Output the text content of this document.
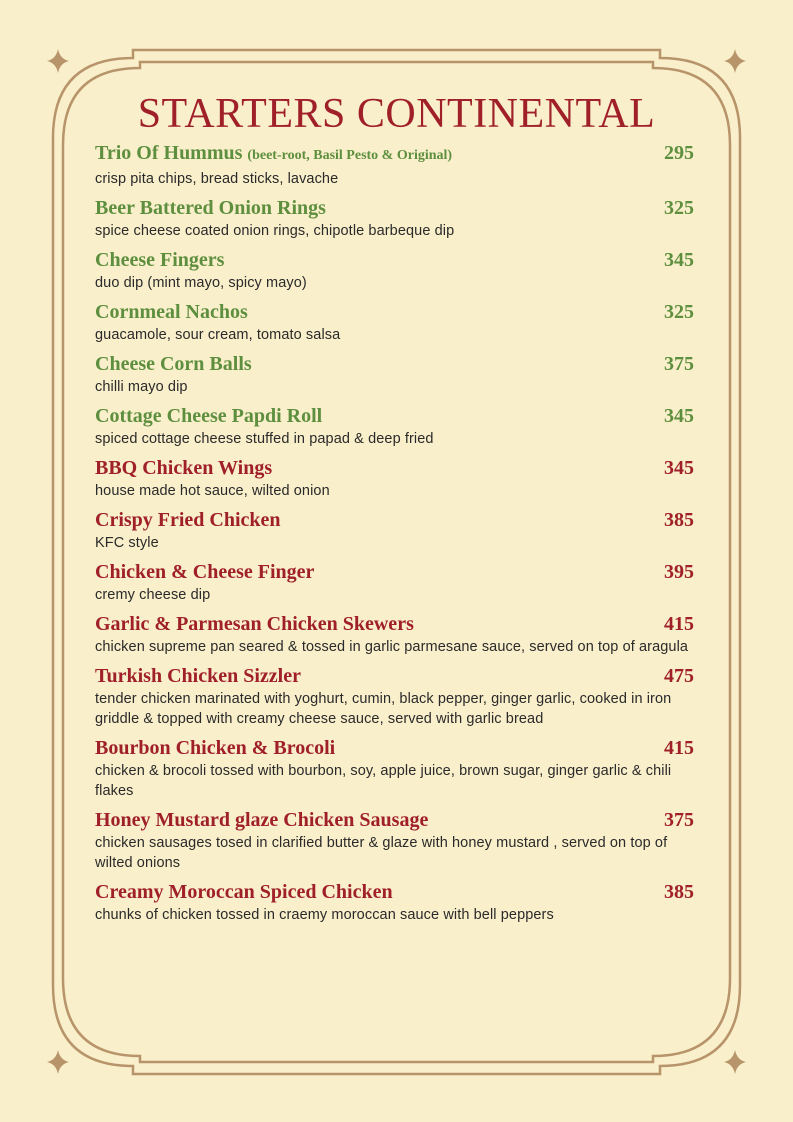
STARTERS CONTINENTAL
Trio Of Hummus (beet-root, Basil Pesto & Original)	295
crisp pita chips, bread sticks, lavache
Beer Battered Onion Rings	325
spice cheese coated onion rings, chipotle barbeque dip
Cheese Fingers	345
duo dip (mint mayo, spicy mayo)
Cornmeal Nachos	325
guacamole, sour cream, tomato salsa
Cheese Corn Balls	375
chilli mayo dip
Cottage Cheese Papdi Roll	345
spiced cottage cheese stuffed in papad & deep fried
BBQ Chicken Wings	345
house made hot sauce, wilted onion
Crispy Fried Chicken	385
KFC style
Chicken & Cheese Finger	395
cremy cheese dip
Garlic & Parmesan Chicken Skewers	415
chicken supreme pan seared & tossed in garlic parmesane sauce, served on top of aragula
Turkish Chicken Sizzler	475
tender chicken marinated with yoghurt, cumin, black pepper, ginger garlic, cooked in iron griddle & topped with creamy cheese sauce, served with garlic bread
Bourbon Chicken & Brocoli	415
chicken & brocoli tossed with bourbon, soy, apple juice, brown sugar, ginger garlic & chili flakes
Honey Mustard glaze Chicken Sausage	375
chicken sausages tosed in clarified butter & glaze with honey mustard , served on top of wilted onions
Creamy Moroccan Spiced Chicken	385
chunks of chicken tossed in craemy moroccan sauce with bell peppers
